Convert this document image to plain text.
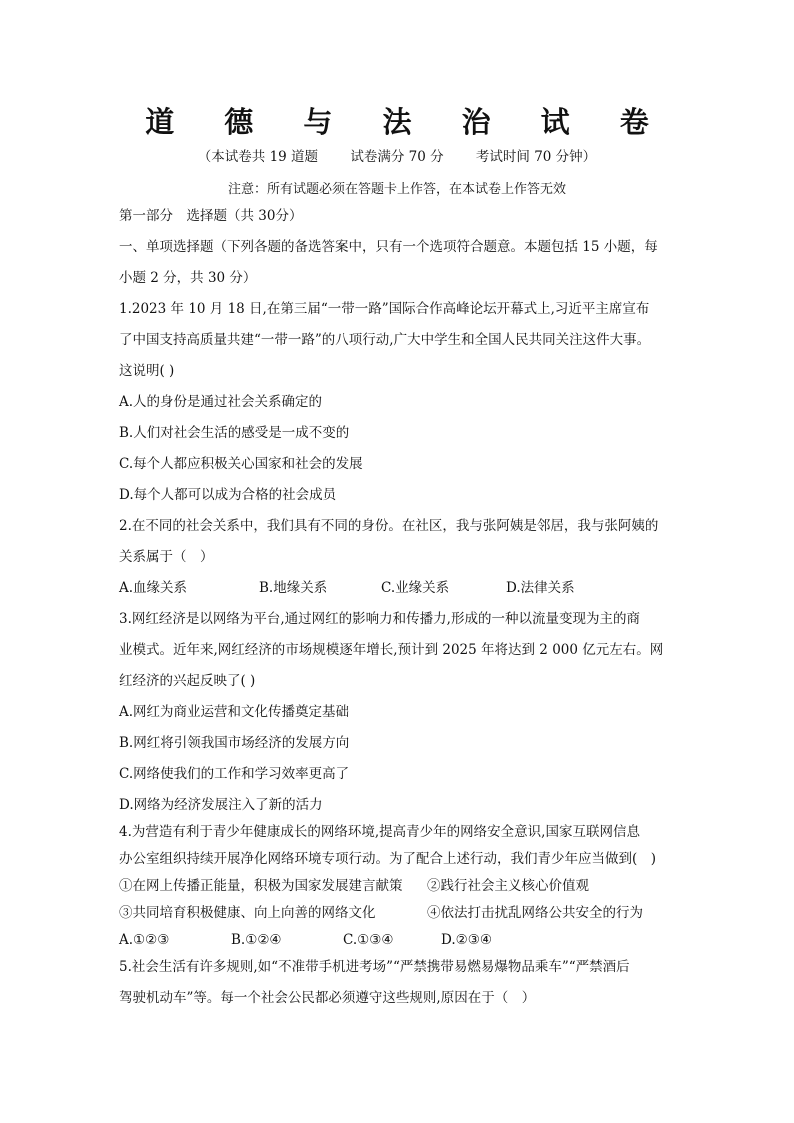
道 德 与 法 治 试 卷
（本试卷共 19 道题 试卷满分 70 分 考试时间 70 分钟）
注意：所有试题必须在答题卡上作答，在本试卷上作答无效
第一部分　选择题（共 30分）
一、单项选择题（下列各题的备选答案中，只有一个选项符合题意。本题包括 15 小题，每
小题 2 分，共 30 分）
1.2023 年 10 月 18 日,在第三届“一带一路”国际合作高峰论坛开幕式上,习近平主席宣布
了中国支持高质量共建“一带一路”的八项行动,广大中学生和全国人民共同关注这件大事。
这说明( )
A.人的身份是通过社会关系确定的
B.人们对社会生活的感受是一成不变的
C.每个人都应积极关心国家和社会的发展
D.每个人都可以成为合格的社会成员
2.在不同的社会关系中，我们具有不同的身份。在社区，我与张阿姨是邻居，我与张阿姨的
关系属于（　）
A.血缘关系	B.地缘关系	C.业缘关系	D.法律关系
3.网红经济是以网络为平台,通过网红的影响力和传播力,形成的一种以流量变现为主的商
业模式。近年来,网红经济的市场规模逐年增长,预计到 2025 年将达到 2 000 亿元左右。网
红经济的兴起反映了( )
A.网红为商业运营和文化传播奠定基础
B.网红将引领我国市场经济的发展方向
C.网络使我们的工作和学习效率更高了
D.网络为经济发展注入了新的活力
4.为营造有利于青少年健康成长的网络环境,提高青少年的网络安全意识,国家互联网信息
办公室组织持续开展净化网络环境专项行动。为了配合上述行动，我们青少年应当做到(　)
①在网上传播正能量，积极为国家发展建言献策	②践行社会主义核心价值观
③共同培育积极健康、向上向善的网络文化	④依法打击扰乱网络公共安全的行为
A.①②③	B.①②④	C.①③④	D.②③④
5.社会生活有许多规则,如“不准带手机进考场”“严禁携带易燃易爆物品乘车”“严禁酒后
驾驶机动车”等。每一个社会公民都必须遵守这些规则,原因在于（　）
